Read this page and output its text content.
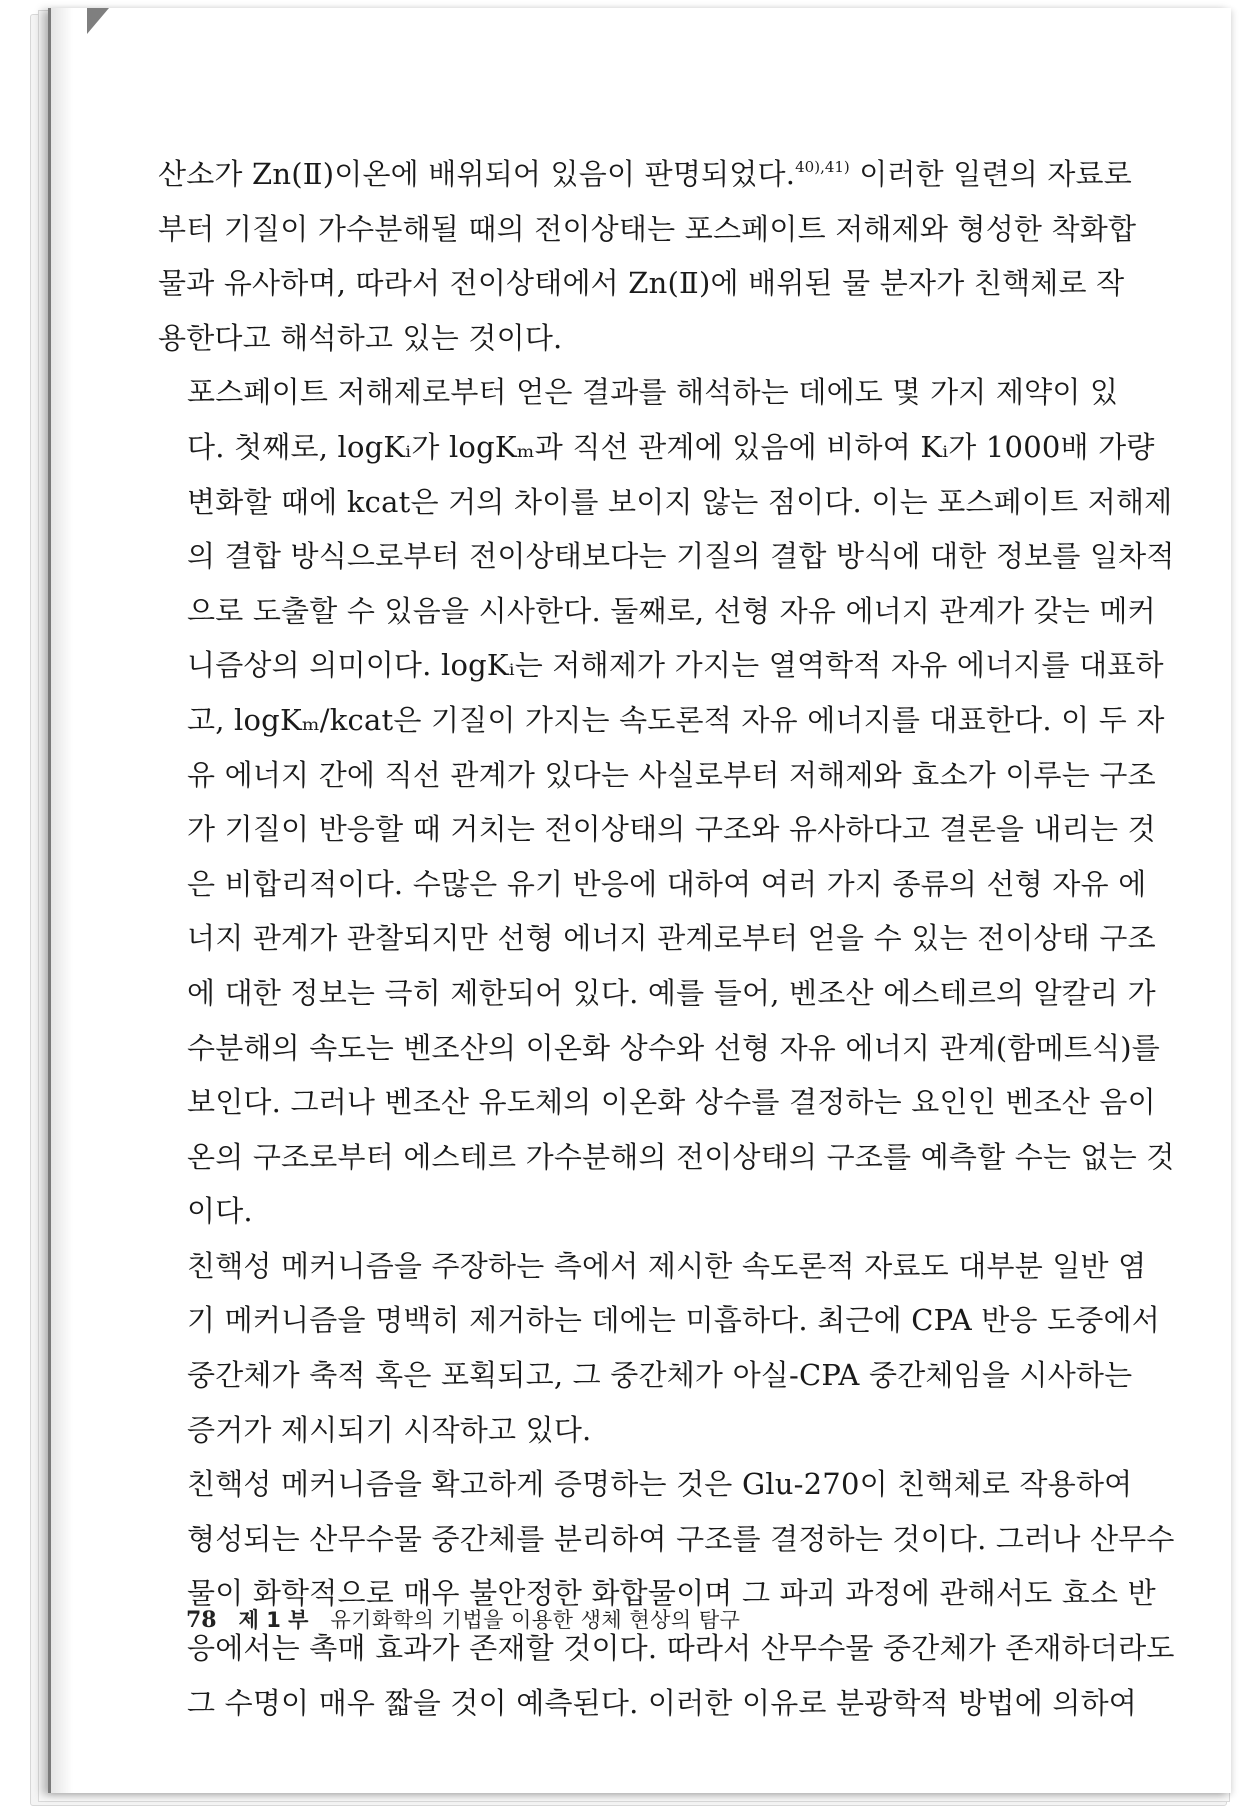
산소가 Zn(Ⅱ)이온에 배위되어 있음이 판명되었다.$^{40),41)}$ 이러한 일련의 자료로
부터 기질이 가수분해될 때의 전이상태는 포스페이트 저해제와 형성한 착화합
물과 유사하며, 따라서 전이상태에서 Zn(Ⅱ)에 배위된 물 분자가 친핵체로 작
용한다고 해석하고 있는 것이다.

포스페이트 저해제로부터 얻은 결과를 해석하는 데에도 몇 가지 제약이 있
다. 첫째로, logKᵢ가 logKₘ과 직선 관계에 있음에 비하여 Kᵢ가 1000배 가량
변화할 때에 kcat은 거의 차이를 보이지 않는 점이다. 이는 포스페이트 저해제
의 결합 방식으로부터 전이상태보다는 기질의 결합 방식에 대한 정보를 일차적
으로 도출할 수 있음을 시사한다. 둘째로, 선형 자유 에너지 관계가 갖는 메커
니즘상의 의미이다. logKᵢ는 저해제가 가지는 열역학적 자유 에너지를 대표하
고, logKₘ/kcat은 기질이 가지는 속도론적 자유 에너지를 대표한다. 이 두 자
유 에너지 간에 직선 관계가 있다는 사실로부터 저해제와 효소가 이루는 구조
가 기질이 반응할 때 거치는 전이상태의 구조와 유사하다고 결론을 내리는 것
은 비합리적이다. 수많은 유기 반응에 대하여 여러 가지 종류의 선형 자유 에
너지 관계가 관찰되지만 선형 에너지 관계로부터 얻을 수 있는 전이상태 구조
에 대한 정보는 극히 제한되어 있다. 예를 들어, 벤조산 에스테르의 알칼리 가
수분해의 속도는 벤조산의 이온화 상수와 선형 자유 에너지 관계(함메트식)를
보인다. 그러나 벤조산 유도체의 이온화 상수를 결정하는 요인인 벤조산 음이
온의 구조로부터 에스테르 가수분해의 전이상태의 구조를 예측할 수는 없는 것
이다.

친핵성 메커니즘을 주장하는 측에서 제시한 속도론적 자료도 대부분 일반 염
기 메커니즘을 명백히 제거하는 데에는 미흡하다. 최근에 CPA 반응 도중에서
중간체가 축적 혹은 포획되고, 그 중간체가 아실-CPA 중간체임을 시사하는
증거가 제시되기 시작하고 있다.

친핵성 메커니즘을 확고하게 증명하는 것은 Glu-270이 친핵체로 작용하여
형성되는 산무수물 중간체를 분리하여 구조를 결정하는 것이다. 그러나 산무수
물이 화학적으로 매우 불안정한 화합물이며 그 파괴 과정에 관해서도 효소 반
응에서는 촉매 효과가 존재할 것이다. 따라서 산무수물 중간체가 존재하더라도
그 수명이 매우 짧을 것이 예측된다. 이러한 이유로 분광학적 방법에 의하여

78 제 1 부 유기화학의 기법을 이용한 생체 현상의 탐구
